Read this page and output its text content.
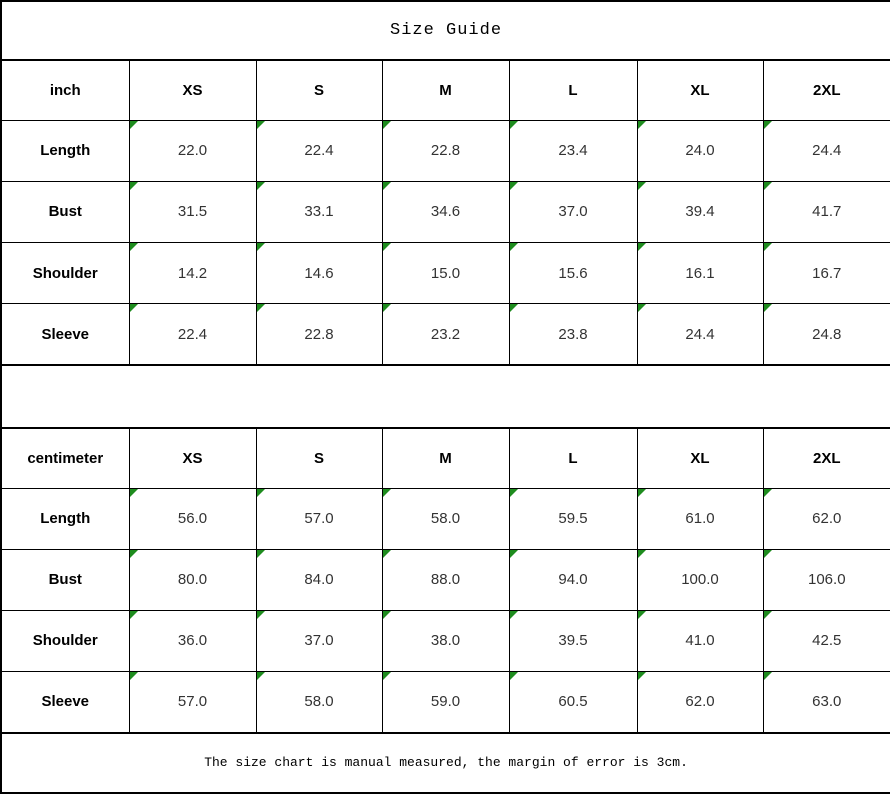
Size Guide						
inch	XS	S	M	L	XL	2XL
Length	22.0	22.4	22.8	23.4	24.0	24.4
Bust	31.5	33.1	34.6	37.0	39.4	41.7
Shoulder	14.2	14.6	15.0	15.6	16.1	16.7
Sleeve	22.4	22.8	23.2	23.8	24.4	24.8

centimeter	XS	S	M	L	XL	2XL
Length	56.0	57.0	58.0	59.5	61.0	62.0
Bust	80.0	84.0	88.0	94.0	100.0	106.0
Shoulder	36.0	37.0	38.0	39.5	41.0	42.5
Sleeve	57.0	58.0	59.0	60.5	62.0	63.0
The size chart is manual measured, the margin of error is 3cm.						
